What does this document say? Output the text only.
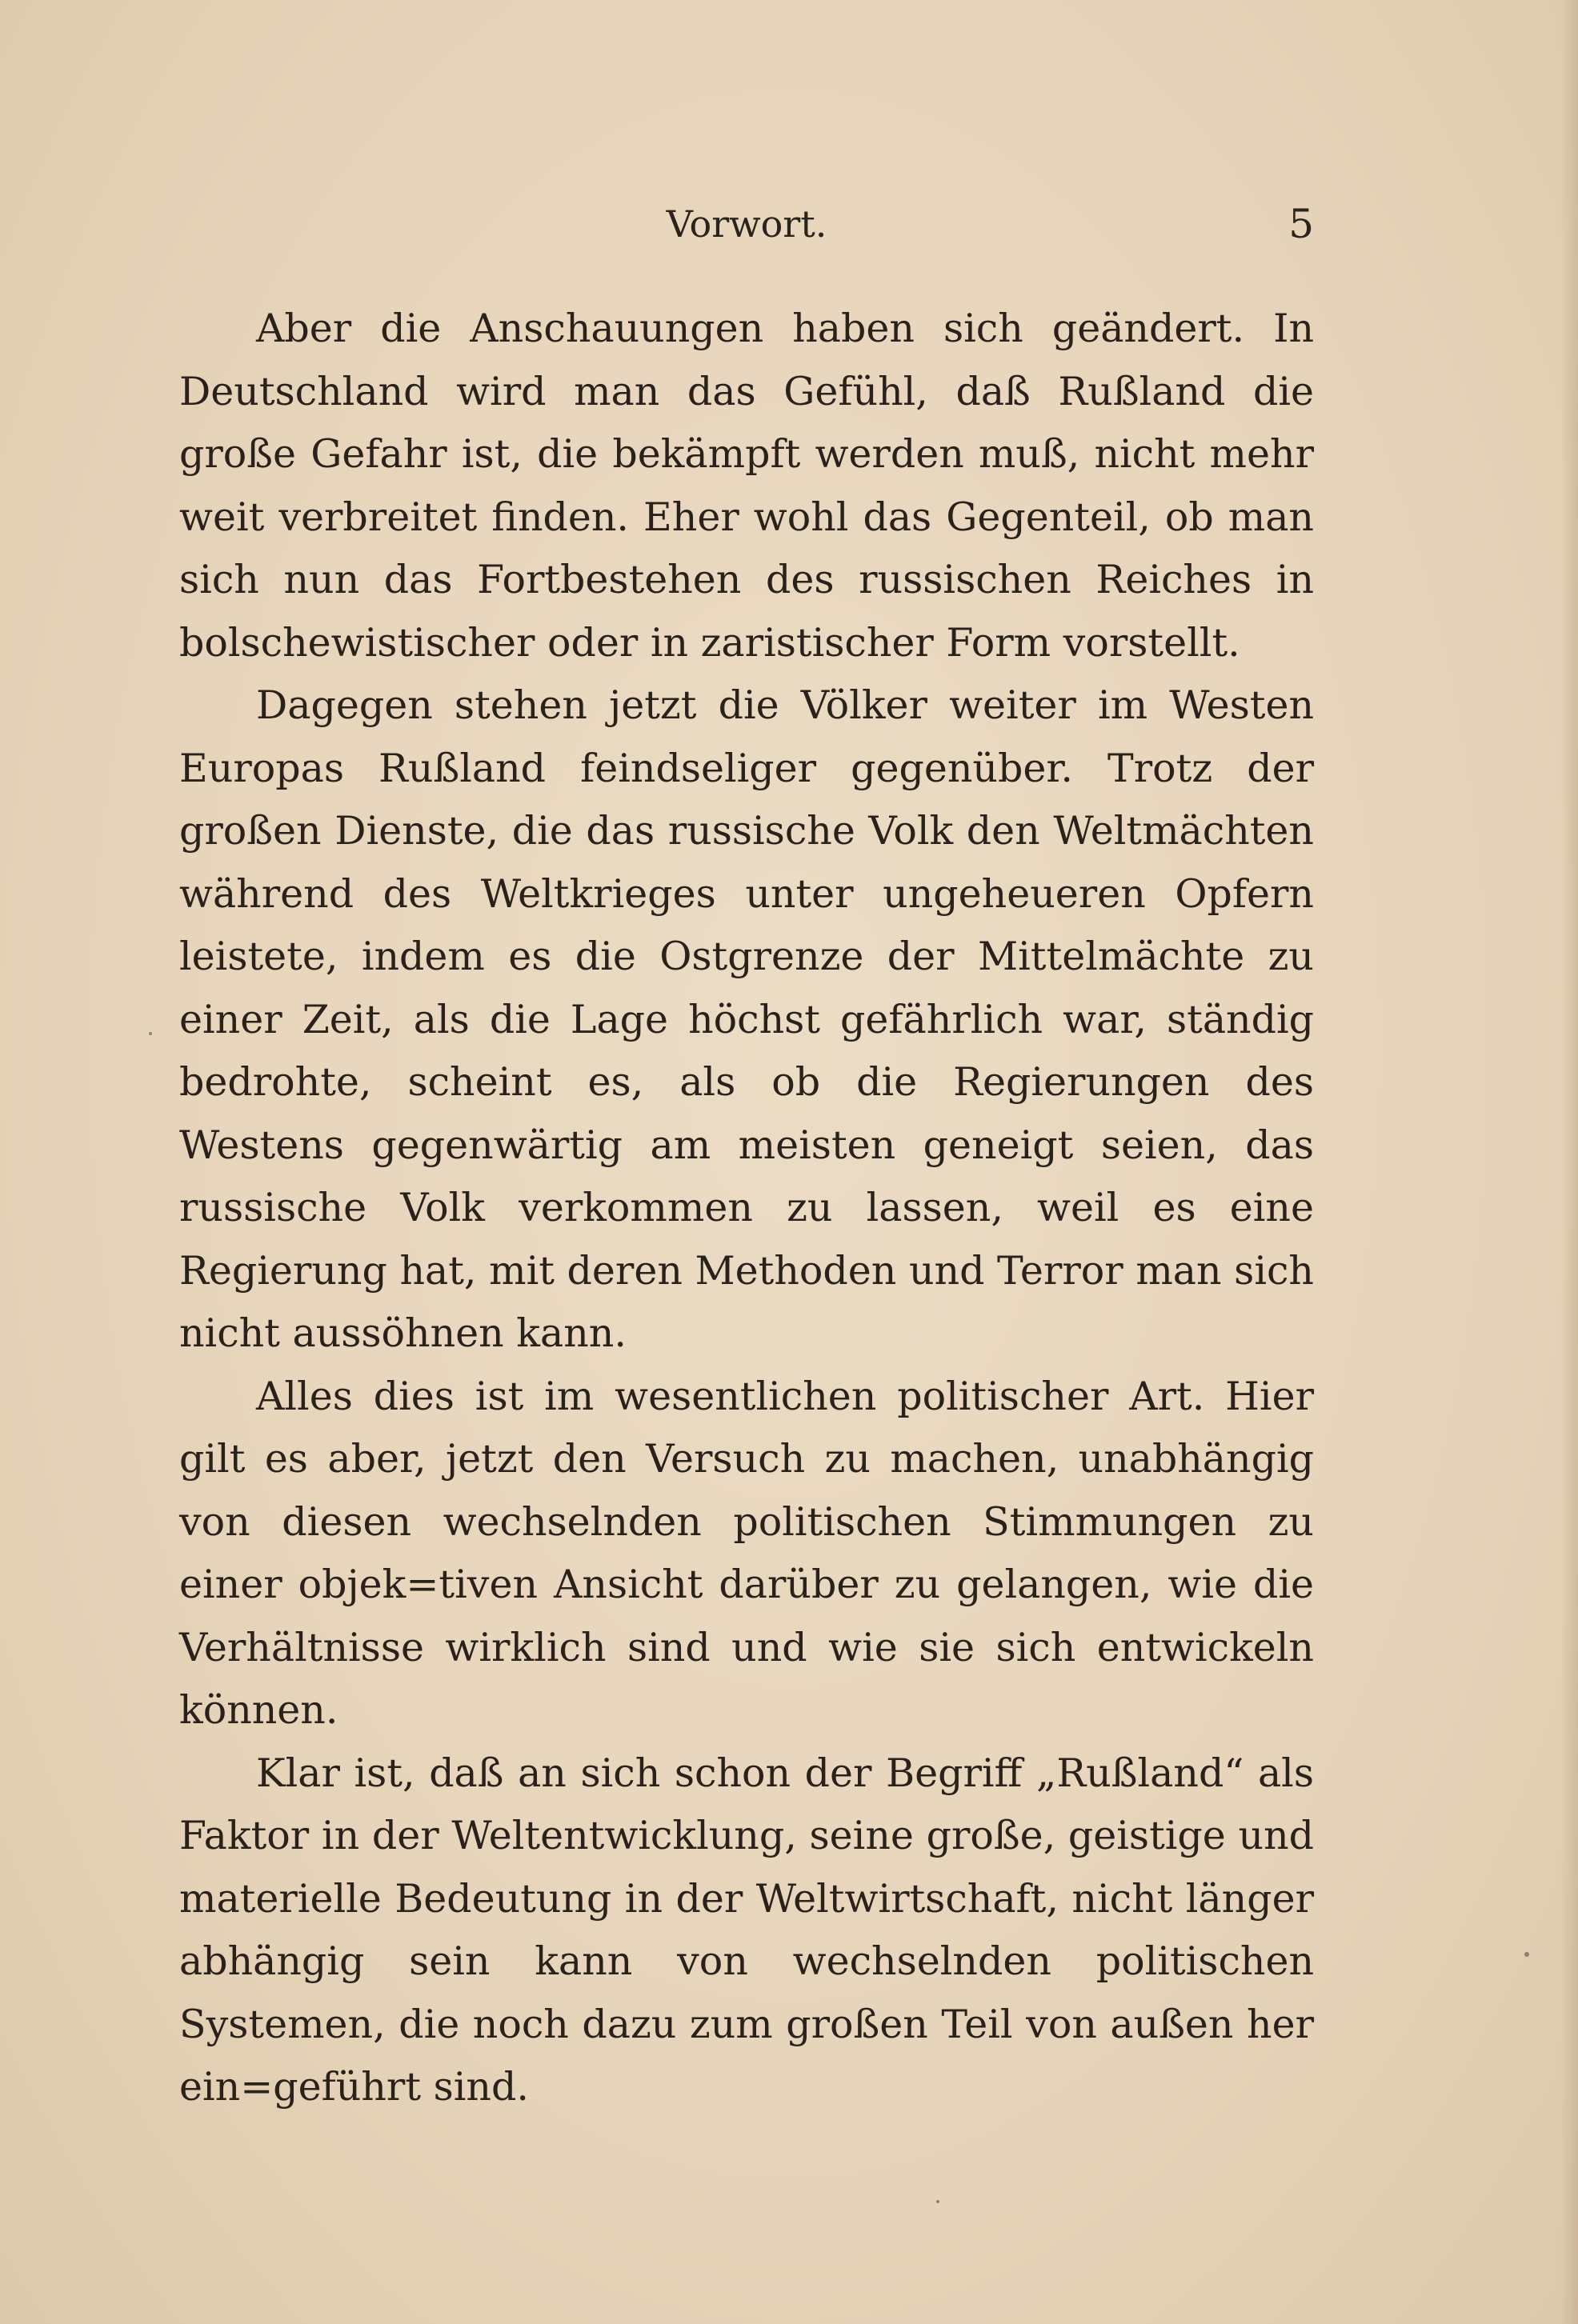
Vorwort.	5

Aber die Anschauungen haben sich geändert. In Deutschland wird man das Gefühl, daß Rußland die große Gefahr ist, die bekämpft werden muß, nicht mehr weit verbreitet finden. Eher wohl das Gegenteil, ob man sich nun das Fortbestehen des russischen Reiches in bolschewistischer oder in zaristischer Form vorstellt.

Dagegen stehen jetzt die Völker weiter im Westen Europas Rußland feindseliger gegenüber. Trotz der großen Dienste, die das russische Volk den Weltmächten während des Weltkrieges unter ungeheueren Opfern leistete, indem es die Ostgrenze der Mittelmächte zu einer Zeit, als die Lage höchst gefährlich war, ständig bedrohte, scheint es, als ob die Regierungen des Westens gegenwärtig am meisten geneigt seien, das russische Volk verkommen zu lassen, weil es eine Regierung hat, mit deren Methoden und Terror man sich nicht aussöhnen kann.

Alles dies ist im wesentlichen politischer Art. Hier gilt es aber, jetzt den Versuch zu machen, unabhängig von diesen wechselnden politischen Stimmungen zu einer objek=tiven Ansicht darüber zu gelangen, wie die Verhältnisse wirklich sind und wie sie sich entwickeln können.

Klar ist, daß an sich schon der Begriff „Rußland“ als Faktor in der Weltentwicklung, seine große, geistige und materielle Bedeutung in der Weltwirtschaft, nicht länger abhängig sein kann von wechselnden politischen Systemen, die noch dazu zum großen Teil von außen her ein=geführt sind.
